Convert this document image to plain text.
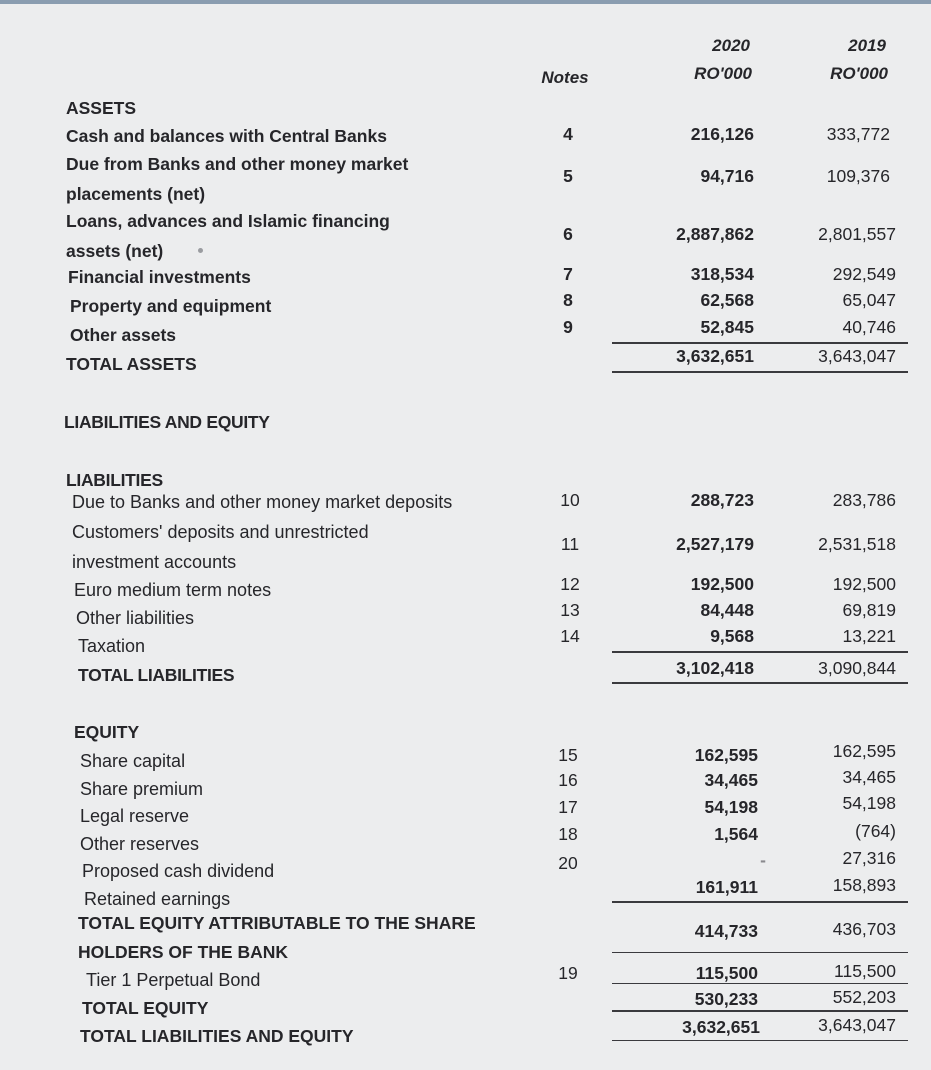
Notes
2020
RO'000
2019
RO'000
ASSETS
Cash and balances with Central Banks	4	216,126	333,772
Due from Banks and other money market
placements (net)
5	94,716	109,376
Loans, advances and Islamic financing
assets (net)
6	2,887,862	2,801,557
Financial investments	7	318,534	292,549
Property and equipment	8	62,568	65,047
Other assets	9	52,845	40,746
TOTAL ASSETS	3,632,651	3,643,047
LIABILITIES AND EQUITY
LIABILITIES
Due to Banks and other money market deposits	10	288,723	283,786
Customers' deposits and unrestricted
investment accounts
11	2,527,179	2,531,518
Euro medium term notes	12	192,500	192,500
Other liabilities	13	84,448	69,819
Taxation	14	9,568	13,221
TOTAL LIABILITIES	3,102,418	3,090,844
EQUITY
Share capital	15	162,595	162,595
Share premium	16	34,465	34,465
Legal reserve	17	54,198	54,198
Other reserves	18	1,564	(764)
Proposed cash dividend	20	-	27,316
Retained earnings
161,911	158,893
TOTAL EQUITY ATTRIBUTABLE TO THE SHARE
HOLDERS OF THE BANK
414,733	436,703
Tier 1 Perpetual Bond	19	115,500	115,500
TOTAL EQUITY	530,233	552,203
TOTAL LIABILITIES AND EQUITY	3,632,651	3,643,047
